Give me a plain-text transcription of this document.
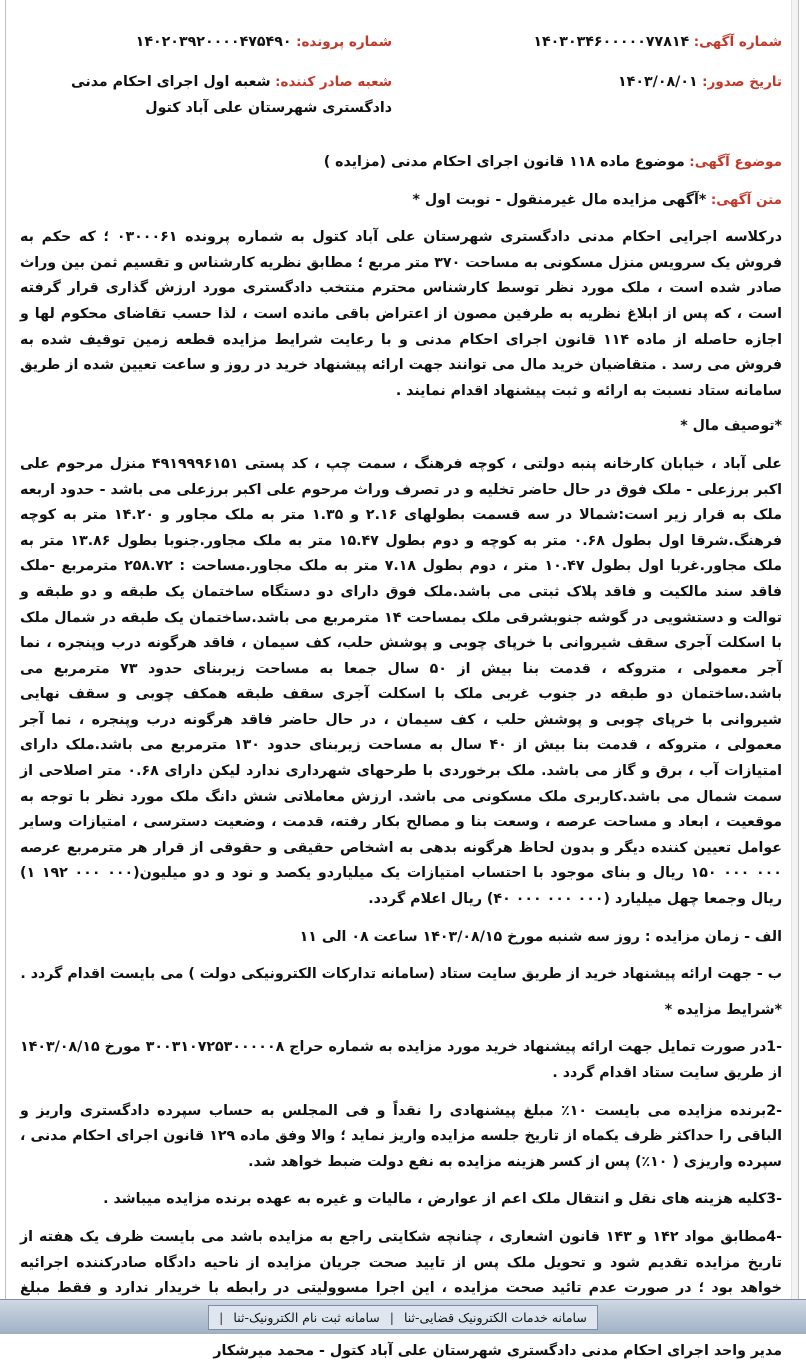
شماره آگهی: ۱۴۰۳۰۳۴۶۰۰۰۰۰۷۷۸۱۴
شماره پرونده: ۱۴۰۲۰۳۹۲۰۰۰۰۴۷۵۴۹۰
تاریخ صدور: ۱۴۰۳/۰۸/۰۱
شعبه صادر کننده: شعبه اول اجرای احکام مدنی دادگستری شهرستان علی آباد کتول
موضوع آگهی: موضوع ماده ۱۱۸ قانون اجرای احکام مدنی (مزایده )
متن آگهی: *آگهی مزایده مال غیرمنقول - نوبت اول *

درکلاسه اجرایی احکام مدنی دادگستری شهرستان علی آباد کتول به شماره پرونده ۰۳۰۰۰۶۱ ؛ که حکم به فروش یک سرویس منزل مسکونی به مساحت ۳۷۰ متر مربع ؛ مطابق نظریه کارشناس و تقسیم ثمن بین وراث صادر شده است ، ملک مورد نظر توسط کارشناس محترم منتخب دادگستری مورد ارزش گذاری قرار گرفته است ، که پس از ابلاغ نظریه به طرفین مصون از اعتراض باقی مانده است ، لذا حسب تقاضای محکوم لها و اجازه حاصله از ماده ۱۱۴ قانون اجرای احکام مدنی و با رعایت شرایط مزایده قطعه زمین توقیف شده به فروش می رسد . متقاضیان خرید مال می توانند جهت ارائه پیشنهاد خرید در روز و ساعت تعیین شده از طریق سامانه ستاد نسبت به ارائه و ثبت پیشنهاد اقدام نمایند .

*توصیف مال *

علی آباد ، خیابان کارخانه پنبه دولتی ، کوچه فرهنگ ، سمت چپ ، کد پستی ۴۹۱۹۹۹۶۱۵۱ منزل مرحوم علی اکبر برزعلی - ملک فوق در حال حاضر تخلیه و در تصرف وراث مرحوم علی اکبر برزعلی می باشد - حدود اربعه ملک به قرار زیر است:شمالا در سه قسمت بطولهای ۲.۱۶ و ۱.۳۵ متر به ملک مجاور و ۱۴.۲۰ متر به کوچه فرهنگ.شرقا اول بطول ۰.۶۸ متر به کوچه و دوم بطول ۱۵.۴۷ متر به ملک مجاور.جنوبا بطول ۱۳.۸۶ متر به ملک مجاور.غربا اول بطول ۱۰.۴۷ متر ، دوم بطول ۷.۱۸ متر به ملک مجاور.مساحت : ۲۵۸.۷۲ مترمربع -ملک فاقد سند مالکیت و فاقد پلاک ثبتی می باشد.ملک فوق دارای دو دستگاه ساختمان یک طبقه و دو طبقه و توالت و دستشویی در گوشه جنوبشرقی ملک بمساحت ۱۴ مترمربع می باشد.ساختمان یک طبقه در شمال ملک با اسکلت آجری سقف شیروانی با خرپای چوبی و پوشش حلب، کف سیمان ، فاقد هرگونه درب وپنجره ، نما آجر معمولی ، متروکه ، قدمت بنا بیش از ۵۰ سال جمعا به مساحت زیربنای حدود ۷۳ مترمربع می باشد.ساختمان دو طبقه در جنوب غربی ملک با اسکلت آجری سقف طبقه همکف چوبی و سقف نهایی شیروانی با خرپای چوبی و پوشش حلب ، کف سیمان ، در حال حاضر فاقد هرگونه درب وپنجره ، نما آجر معمولی ، متروکه ، قدمت بنا بیش از ۴۰ سال به مساحت زیربنای حدود ۱۳۰ مترمربع می باشد.ملک دارای امتیازات آب ، برق و گاز می باشد. ملک برخوردی با طرحهای شهرداری ندارد لیکن دارای ۰.۶۸ متر اصلاحی از سمت شمال می باشد.کاربری ملک مسکونی می باشد. ارزش معاملاتی شش دانگ ملک مورد نظر با توجه به موقعیت ، ابعاد و مساحت عرصه ، وسعت بنا و مصالح بکار رفته، قدمت ، وضعیت دسترسی ، امتیازات وسایر عوامل تعیین کننده دیگر و بدون لحاظ هرگونه بدهی به اشخاص حقیقی و حقوقی از قرار هر مترمربع عرصه ۰۰۰ ۰۰۰ ۱۵۰ ریال و بنای موجود با احتساب امتیازات یک میلیاردو یکصد و نود و دو میلیون(۰۰۰ ۰۰۰ ۱۹۲ ۱) ریال وجمعا چهل میلیارد (۰۰۰ ۰۰۰ ۰۰۰ ۴۰) ریال اعلام گردد.

الف - زمان مزایده : روز سه شنبه مورخ ۱۴۰۳/۰۸/۱۵ ساعت ۰۸ الی ۱۱

ب - جهت ارائه پیشنهاد خرید از طریق سایت ستاد (سامانه تدارکات الکترونیکی دولت ) می بایست اقدام گردد .

*شرایط مزایده *

-1در صورت تمایل جهت ارائه پیشنهاد خرید مورد مزایده به شماره حراج ۳۰۰۳۱۰۷۲۵۳۰۰۰۰۰۸ مورخ ۱۴۰۳/۰۸/۱۵ از طریق سایت ستاد اقدام گردد .

-2برنده مزایده می بایست ۱۰٪ مبلغ پیشنهادی را نقداً و فی المجلس به حساب سپرده دادگستری واریز و الباقی را حداکثر ظرف یکماه از تاریخ جلسه مزایده واریز نماید ؛ والا وفق ماده ۱۲۹ قانون اجرای احکام مدنی ، سپرده واریزی ( ۱۰٪) پس از کسر هزینه مزایده به نفع دولت ضبط خواهد شد.

-3کلیه هزینه های نقل و انتقال ملک اعم از عوارض ، مالیات و غیره به عهده برنده مزایده میباشد .

-4مطابق مواد ۱۴۲ و ۱۴۳ قانون اشعاری ، چنانچه شکایتی راجع به مزایده باشد می بایست ظرف یک هفته از تاریخ مزایده تقدیم شود و تحویل ملک پس از تایید صحت جریان مزایده از ناحیه دادگاه صادرکننده اجرائیه خواهد بود ؛ در صورت عدم تائید صحت مزایده ، این اجرا مسوولیتی در رابطه با خریدار ندارد و فقط مبلغ

مدیر واحد اجرای احکام مدنی دادگستری شهرستان علی آباد کتول - محمد میرشکار

سامانه خدمات الکترونیک قضایی-ثنا
|
سامانه ثبت نام الکترونیک-ثنا
|
